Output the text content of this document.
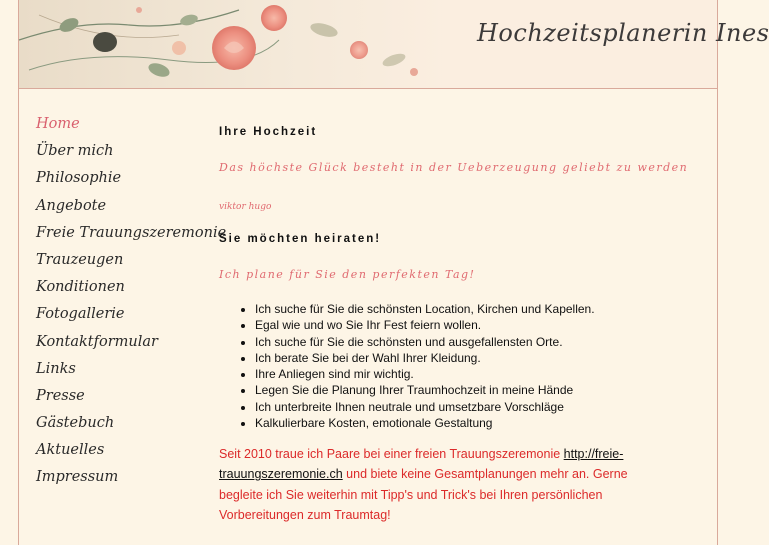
Hochzeitsplanerin Ines
Home
Über mich
Philosophie
Angebote
Freie Trauungszeremonie
Trauzeugen
Konditionen
Fotogallerie
Kontaktformular
Links
Presse
Gästebuch
Aktuelles
Impressum
Ihre Hochzeit
Das höchste Glück besteht in der Ueberzeugung geliebt zu werden
viktor hugo
Sie möchten heiraten!
Ich plane für Sie den perfekten Tag!
• Ich suche für Sie die schönsten Location, Kirchen und Kapellen.
• Egal wie und wo Sie Ihr Fest feiern wollen.
• Ich suche für Sie die schönsten und ausgefallensten Orte.
• Ich berate Sie bei der Wahl Ihrer Kleidung.
• Ihre Anliegen sind mir wichtig.
• Legen Sie die Planung Ihrer Traumhochzeit in meine Hände
• Ich unterbreite Ihnen neutrale und umsetzbare Vorschläge
• Kalkulierbare Kosten, emotionale Gestaltung

Seit 2010 traue ich Paare bei einer freien Trauungszeremonie http://freie-trauungszeremonie.ch und biete keine Gesamtplanungen mehr an. Gerne begleite ich Sie weiterhin mit Tipp's und Trick's bei Ihren persönlichen Vorbereitungen zum Traumtag!
